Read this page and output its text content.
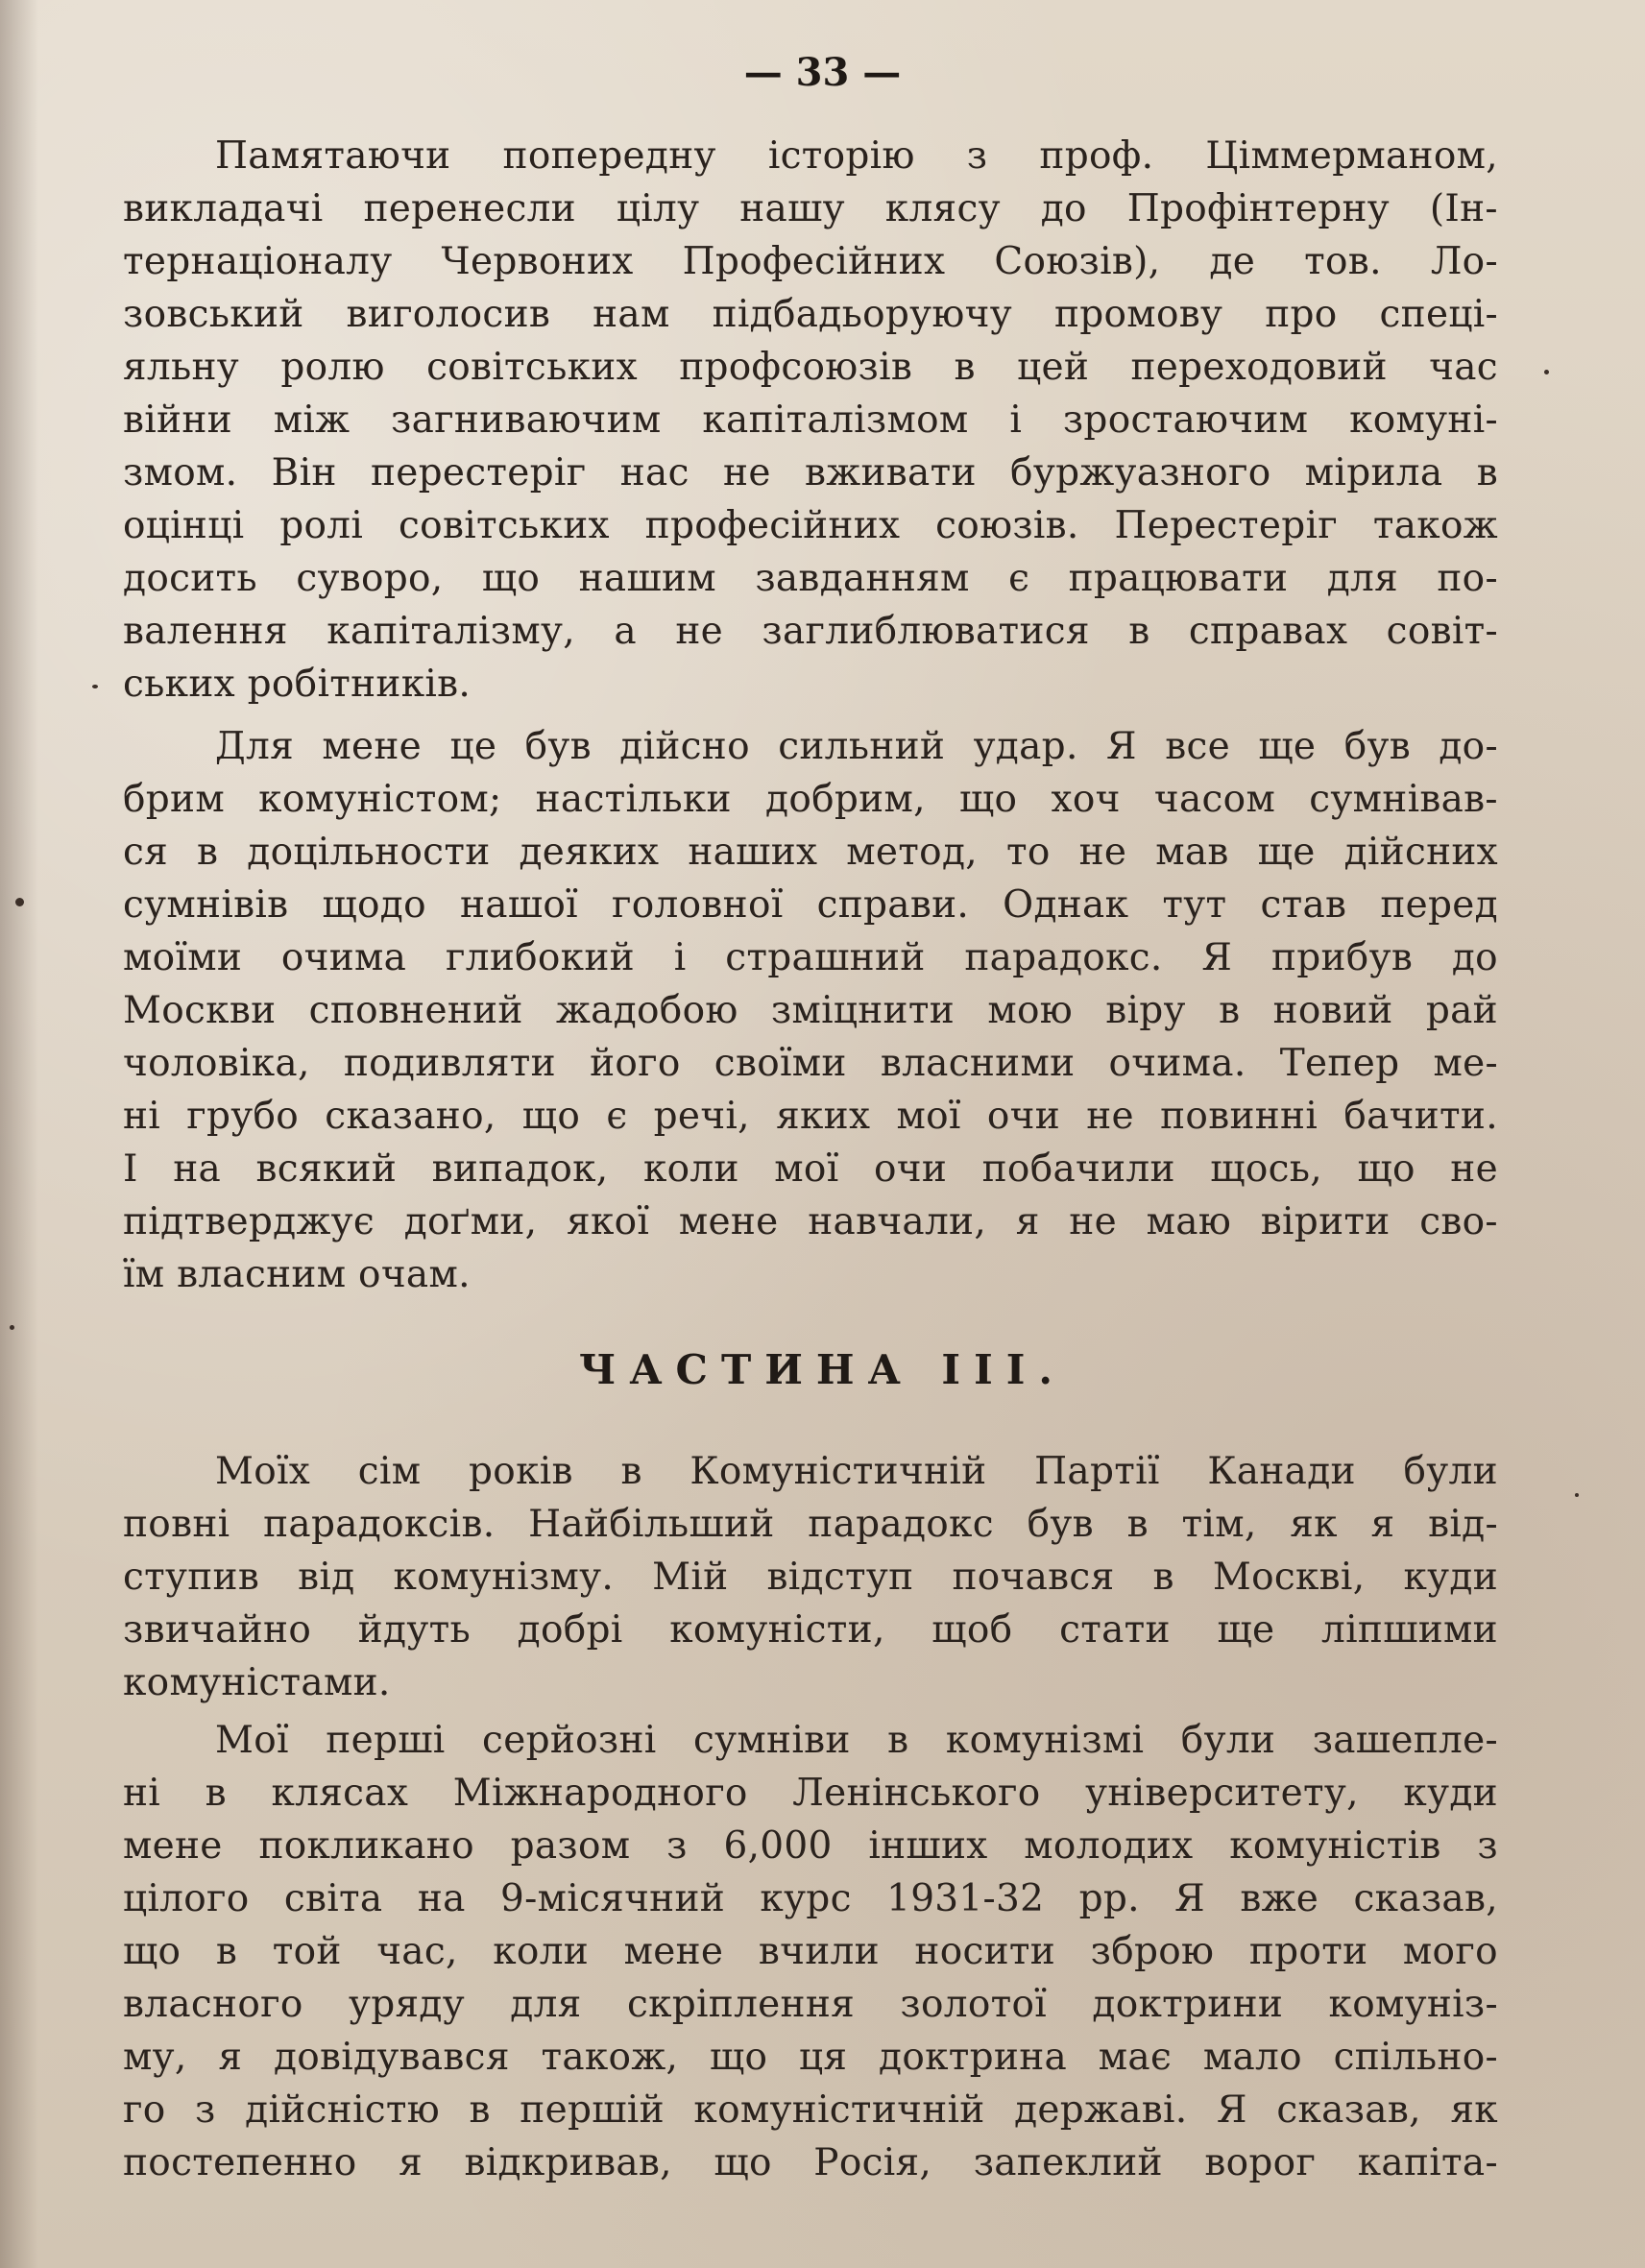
— 33 —
Памятаючи попередну історію з проф. Ціммерманом,
викладачі перенесли цілу нашу клясу до Профінтерну (Ін-
тернаціоналу Червоних Професійних Союзів), де тов. Ло-
зовський виголосив нам підбадьоруючу промову про спеці-
яльну ролю совітських профсоюзів в цей переходовий час
війни між загниваючим капіталізмом і зростаючим комуні-
змом. Він перестеріг нас не вживати буржуазного мірила в
оцінці ролі совітських професійних союзів. Перестеріг також
досить суворо, що нашим завданням є працювати для по-
валення капіталізму, а не заглиблюватися в справах совіт-
ських робітників.
Для мене це був дійсно сильний удар. Я все ще був до-
брим комуністом; настільки добрим, що хоч часом сумнівав-
ся в доцільности деяких наших метод, то не мав ще дійсних
сумнівів щодо нашої головної справи. Однак тут став перед
моїми очима глибокий і страшний парадокс. Я прибув до
Москви сповнений жадобою зміцнити мою віру в новий рай
чоловіка, подивляти його своїми власними очима. Тепер ме-
ні грубо сказано, що є речі, яких мої очи не повинні бачити.
І на всякий випадок, коли мої очи побачили щось, що не
підтверджує доґми, якої мене навчали, я не маю вірити сво-
їм власним очам.
ЧАСТИНА III.
Моїх сім років в Комуністичній Партії Канади були
повні парадоксів. Найбільший парадокс був в тім, як я від-
ступив від комунізму. Мій відступ почався в Москві, куди
звичайно йдуть добрі комуністи, щоб стати ще ліпшими
комуністами.
Мої перші серйозні сумніви в комунізмі були зашеплe-
ні в клясах Міжнародного Ленінського університету, куди
мене покликано разом з 6,000 інших молодих комуністів з
цілого світа на 9-місячний курс 1931-32 рр. Я вже сказав,
що в той час, коли мене вчили носити зброю проти мого
власного уряду для скріплення золотої доктрини комуніз-
му, я довідувався також, що ця доктрина має мало спільно-
го з дійсністю в першій комуністичній державі. Я сказав, як
постепенно я відкривав, що Росія, запеклий ворог капіта-
